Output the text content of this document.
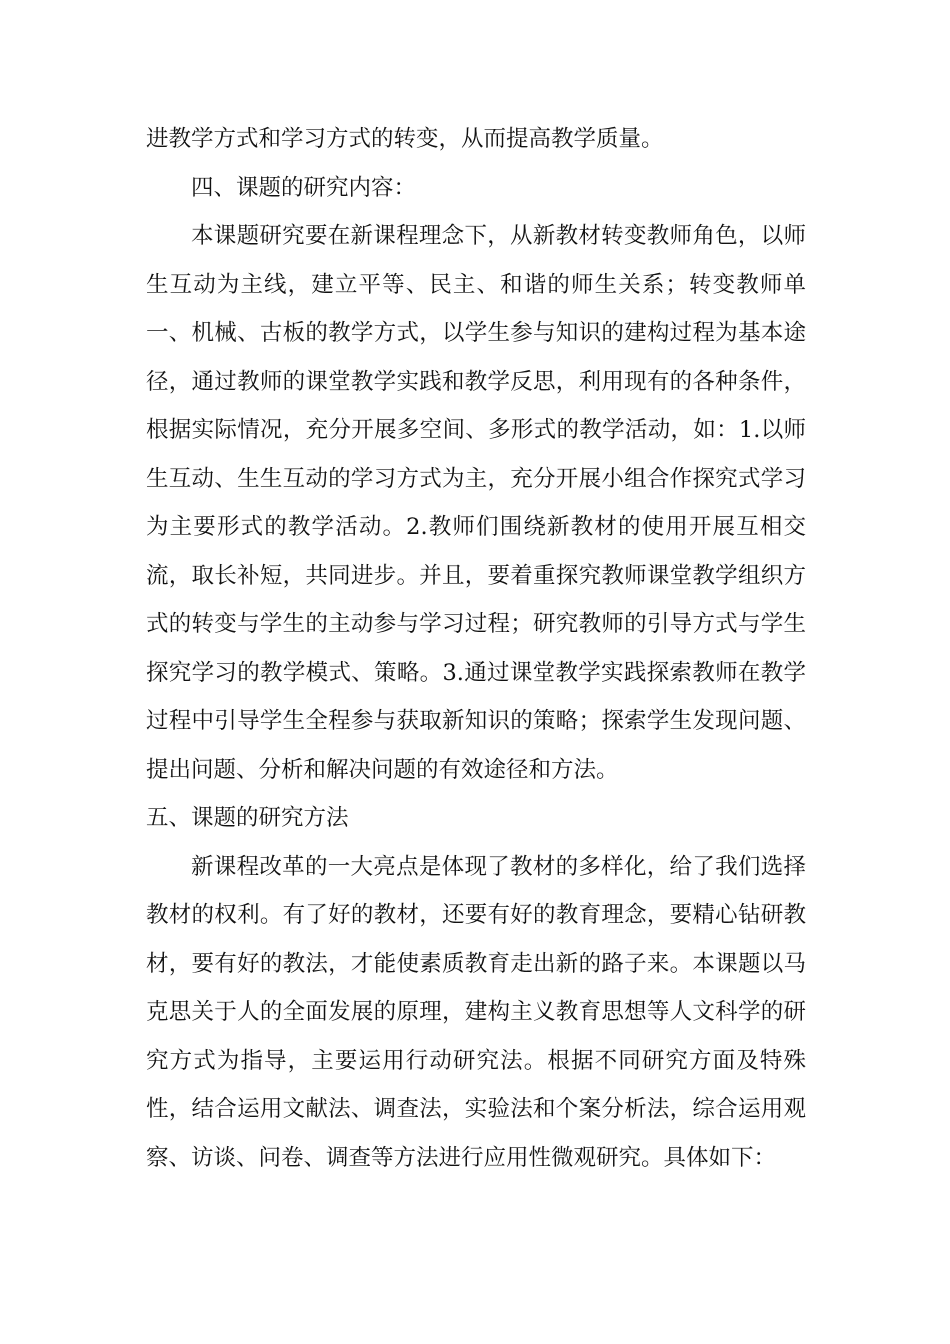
进教学方式和学习方式的转变，从而提高教学质量。

四、课题的研究内容：

本课题研究要在新课程理念下，从新教材转变教师角色，以师生互动为主线，建立平等、民主、和谐的师生关系；转变教师单一、机械、古板的教学方式，以学生参与知识的建构过程为基本途径，通过教师的课堂教学实践和教学反思，利用现有的各种条件，根据实际情况，充分开展多空间、多形式的教学活动，如：1.以师生互动、生生互动的学习方式为主，充分开展小组合作探究式学习为主要形式的教学活动。2.教师们围绕新教材的使用开展互相交流，取长补短，共同进步。并且，要着重探究教师课堂教学组织方式的转变与学生的主动参与学习过程；研究教师的引导方式与学生探究学习的教学模式、策略。3.通过课堂教学实践探索教师在教学过程中引导学生全程参与获取新知识的策略；探索学生发现问题、提出问题、分析和解决问题的有效途径和方法。

五、课题的研究方法

新课程改革的一大亮点是体现了教材的多样化，给了我们选择教材的权利。有了好的教材，还要有好的教育理念，要精心钻研教材，要有好的教法，才能使素质教育走出新的路子来。本课题以马克思关于人的全面发展的原理，建构主义教育思想等人文科学的研究方式为指导，主要运用行动研究法。根据不同研究方面及特殊性，结合运用文献法、调查法，实验法和个案分析法，综合运用观察、访谈、问卷、调查等方法进行应用性微观研究。具体如下：
